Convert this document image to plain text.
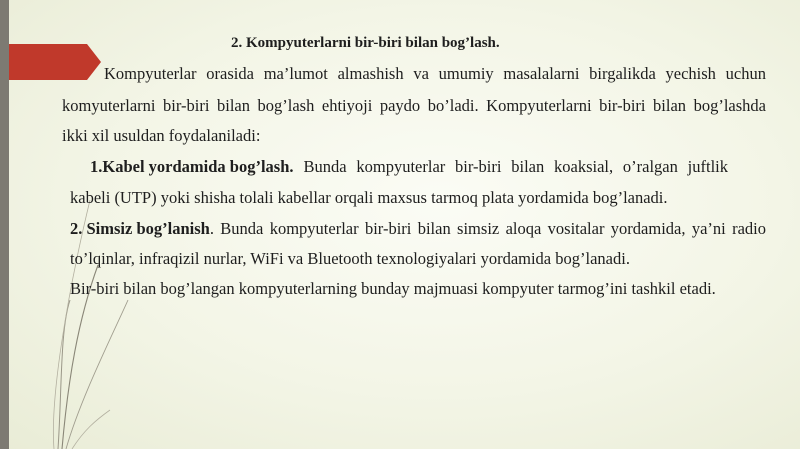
2. Kompyuterlarni bir-biri bilan bog’lash.
Kompyuterlar orasida ma’lumot almashish va umumiy masalalarni birgalikda yechish uchun
komyuterlarni bir-biri bilan bog’lash ehtiyoji paydo bo’ladi. Kompyuterlarni bir-biri bilan bog’lashda
ikki xil usuldan foydalaniladi:
1.Kabel yordamida bog’lash. Bunda kompyuterlar bir-biri bilan koaksial, o’ralgan juftlik
kabeli (UTP) yoki shisha tolali kabellar orqali maxsus tarmoq plata yordamida bog’lanadi.
2. Simsiz bog’lanish . Bunda kompyuterlar bir-biri bilan simsiz aloqa vositalar yordamida, ya’ni radio
to’lqinlar, infraqizil nurlar, WiFi va Bluetooth texnologiyalari yordamida bog’lanadi.
Bir-biri bilan bog’langan kompyuterlarning bunday majmuasi kompyuter tarmog’ini tashkil etadi.
